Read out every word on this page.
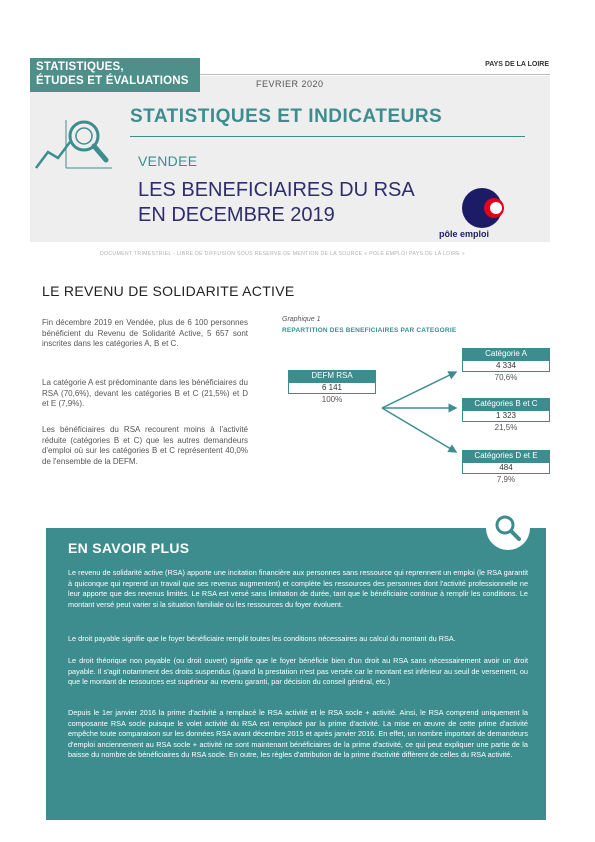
STATISTIQUES,
ÉTUDES ET ÉVALUATIONS	FEVRIER 2020
PAYS DE LA LOIRE
STATISTIQUES ET INDICATEURS
VENDEE
LES BENEFICIAIRES DU RSA
EN DECEMBRE 2019
pôle emploi
DOCUMENT TRIMESTRIEL - LIBRE DE DIFFUSION SOUS RESERVE DE MENTION DE LA SOURCE « POLE EMPLOI PAYS DE LA LOIRE »
LE REVENU DE SOLIDARITE ACTIVE

Fin décembre 2019 en Vendée, plus de 6 100 personnes bénéficient du Revenu de Solidarité Active, 5 657 sont inscrites dans les catégories A, B et C.

La catégorie A est prédominante dans les bénéficiaires du RSA (70,6%), devant les catégories B et C (21,5%) et D et E (7,9%).

Les bénéficiaires du RSA recourent moins à l'activité réduite (catégories B et C) que les autres demandeurs d'emploi où sur les catégories B et C représentent 40,0% de l'ensemble de la DEFM.

Graphique 1
REPARTITION DES BENEFICIAIRES PAR CATEGORIE
DEFM RSA
6 141
100%
Catégorie A
4 334
70,6%
Catégories B et C
1 323
21,5%
Catégories D et E
484
7,9%
EN SAVOIR PLUS

Le revenu de solidarité active (RSA) apporte une incitation financière aux personnes sans ressource qui reprennent un emploi (le RSA garantit à quiconque qui reprend un travail que ses revenus augmentent) et complète les ressources des personnes dont l'activité professionnelle ne leur apporte que des revenus limités. Le RSA est versé sans limitation de durée, tant que le bénéficiaire continue à remplir les conditions. Le montant versé peut varier si la situation familiale ou les ressources du foyer évoluent.

Le droit payable signifie que le foyer bénéficiaire remplit toutes les conditions nécessaires au calcul du montant du RSA.

Le droit théorique non payable (ou droit ouvert) signifie que le foyer bénéficie bien d'un droit au RSA sans nécessairement avoir un droit payable. Il s'agit notamment des droits suspendus (quand la prestation n'est pas versée car le montant est inférieur au seuil de versement, ou que le montant de ressources est supérieur au revenu garanti, par décision du conseil général, etc.)

Depuis le 1er janvier 2016 la prime d'activité a remplacé le RSA activité et le RSA socle + activité. Ainsi, le RSA comprend uniquement la composante RSA socle puisque le volet activité du RSA est remplacé par la prime d'activité. La mise en œuvre de cette prime d'activité empêche toute comparaison sur les données RSA avant décembre 2015 et après janvier 2016. En effet, un nombre important de demandeurs d'emploi anciennement au RSA socle + activité ne sont maintenant bénéficiaires de la prime d'activité, ce qui peut expliquer une partie de la baisse du nombre de bénéficiaires du RSA socle. En outre, les règles d'attribution de la prime d'activité diffèrent de celles du RSA activité.
